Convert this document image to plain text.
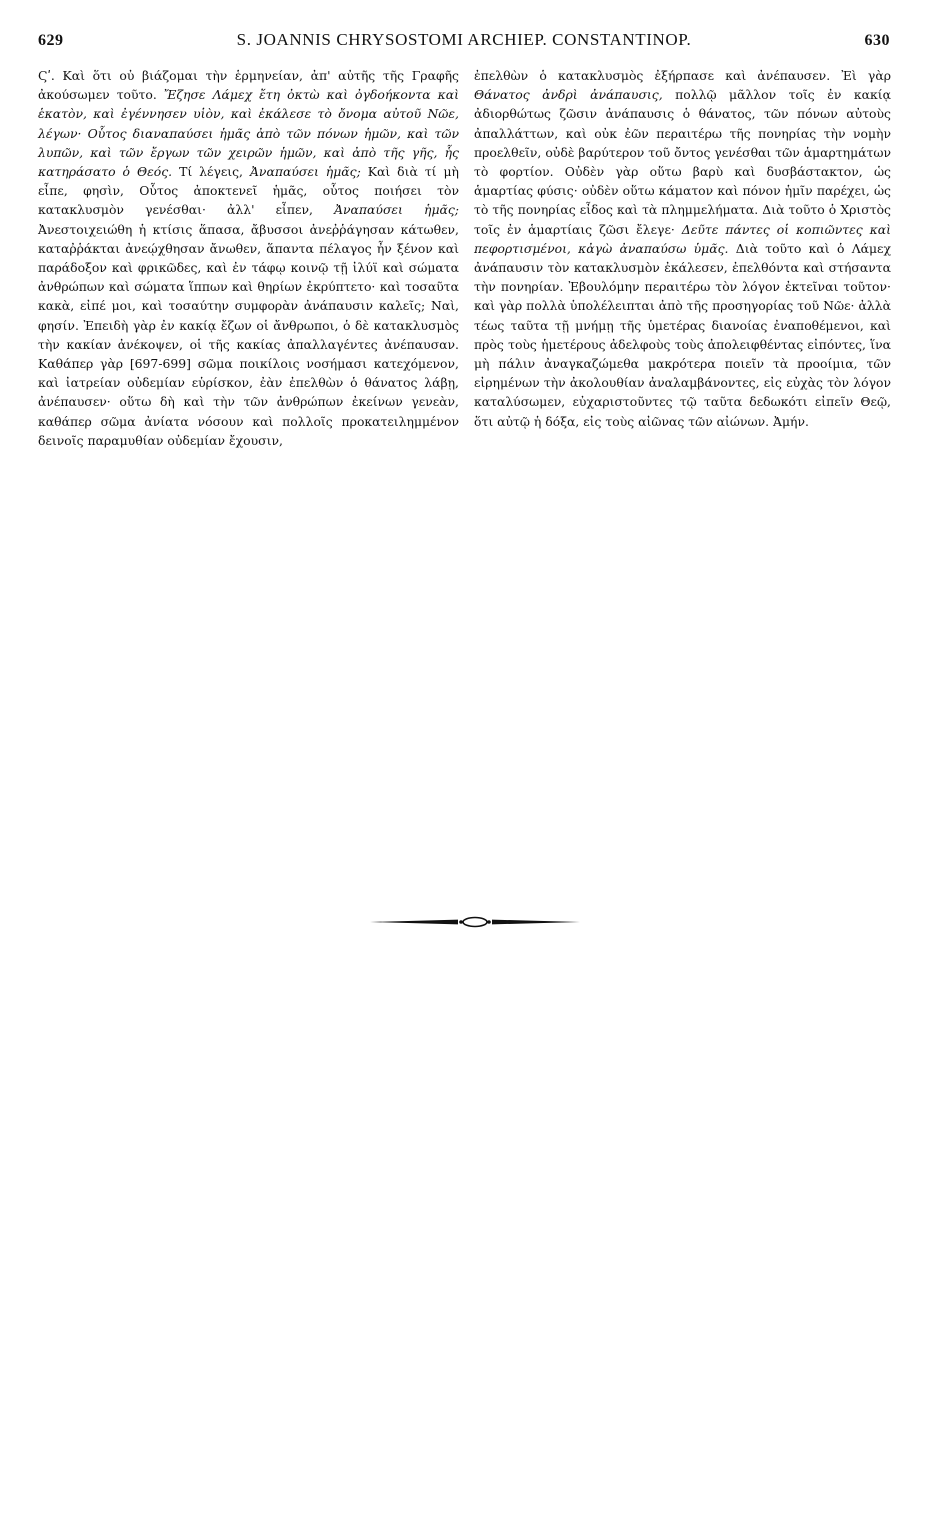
629	S. JOANNIS CHRYSOSTOMI ARCHIEP. CONSTANTINOP.	630

Ϛʹ. Καὶ ὅτι οὐ βιάζομαι τὴν ἑρμηνείαν, ἀπ' αὐτῆς τῆς Γραφῆς ἀκούσωμεν τοῦτο. Ἔζησε Λάμεχ ἔτη ὀκτὼ καὶ ὀγδοήκοντα καὶ ἑκατὸν, καὶ ἐγέννησεν υἱὸν, καὶ ἐκάλεσε τὸ ὄνομα αὐτοῦ Νῶε, λέγων· Οὗτος διαναπαύσει ἡμᾶς ἀπὸ τῶν πόνων ἡμῶν, καὶ τῶν λυπῶν, καὶ τῶν ἔργων τῶν χειρῶν ἡμῶν, καὶ ἀπὸ τῆς γῆς, ἧς κατηράσατο ὁ Θεός. Τί λέγεις, Ἀναπαύσει ἡμᾶς; Καὶ διὰ τί μὴ εἶπε, φησὶν, Οὗτος ἀποκτενεῖ ἡμᾶς, οὗτος ποιήσει τὸν κατακλυσμὸν γενέσθαι· ἀλλ' εἶπεν, Ἀναπαύσει ἡμᾶς; Ἀνεστοιχειώθη ἡ κτίσις ἅπασα, ἄβυσσοι ἀνεῤῥάγησαν κάτωθεν, καταῤῥάκται ἀνεῴχθησαν ἄνωθεν, ἅπαντα πέλαγος ἦν ξένον καὶ παράδοξον καὶ φρικῶδες, καὶ ἐν τάφῳ κοινῷ τῇ ἰλύϊ καὶ σώματα ἀνθρώπων καὶ σώματα ἵππων καὶ θηρίων ἐκρύπτετο· καὶ τοσαῦτα κακὰ, εἰπέ μοι, καὶ τοσαύτην συμφορὰν ἀνάπαυσιν καλεῖς; Ναὶ, φησίν. Ἐπειδὴ γὰρ ἐν κακίᾳ ἔζων οἱ ἄνθρωποι, ὁ δὲ κατακλυσμὸς τὴν κακίαν ἀνέκοψεν, οἱ τῆς κακίας ἀπαλλαγέντες ἀνέπαυσαν. Καθάπερ γὰρ [697-699] σῶμα ποικίλοις νοσήμασι κατεχόμενον, καὶ ἰατρείαν οὐδεμίαν εὑρίσκον, ἐὰν ἐπελθὼν ὁ θάνατος λάβῃ, ἀνέπαυσεν· οὕτω δὴ καὶ τὴν τῶν ἀνθρώπων ἐκείνων γενεὰν, καθάπερ σῶμα ἀνίατα νόσουν καὶ πολλοῖς προκατειλημμένον δεινοῖς παραμυθίαν οὐδεμίαν ἔχουσιν,

ἐπελθὼν ὁ κατακλυσμὸς ἐξήρπασε καὶ ἀνέπαυσεν. Ἐὶ γὰρ Θάνατος ἀνδρὶ ἀνάπαυσις, πολλῷ μᾶλλον τοῖς ἐν κακίᾳ ἀδιορθώτως ζῶσιν ἀνάπαυσις ὁ θάνατος, τῶν πόνων αὐτοὺς ἀπαλλάττων, καὶ οὐκ ἐῶν περαιτέρω τῆς πονηρίας τὴν νομὴν προελθεῖν, οὐδὲ βαρύτερον τοῦ ὄντος γενέσθαι τῶν ἁμαρτημάτων τὸ φορτίον. Οὐδὲν γὰρ οὕτω βαρὺ καὶ δυσβάστακτον, ὡς ἁμαρτίας φύσις· οὐδὲν οὕτω κάματον καὶ πόνον ἡμῖν παρέχει, ὡς τὸ τῆς πονηρίας εἶδος καὶ τὰ πλημμελήματα. Διὰ τοῦτο ὁ Χριστὸς τοῖς ἐν ἁμαρτίαις ζῶσι ἔλεγε· Δεῦτε πάντες οἱ κοπιῶντες καὶ πεφορτισμένοι, κἀγὼ ἀναπαύσω ὑμᾶς. Διὰ τοῦτο καὶ ὁ Λάμεχ ἀνάπαυσιν τὸν κατακλυσμὸν ἐκάλεσεν, ἐπελθόντα καὶ στήσαντα τὴν πονηρίαν. Ἐβουλόμην περαιτέρω τὸν λόγον ἐκτεῖναι τοῦτον· καὶ γὰρ πολλὰ ὑπολέλειπται ἀπὸ τῆς προσηγορίας τοῦ Νῶε· ἀλλὰ τέως ταῦτα τῇ μνήμῃ τῆς ὑμετέρας διανοίας ἐναποθέμενοι, καὶ πρὸς τοὺς ἡμετέρους ἀδελφοὺς τοὺς ἀπολειφθέντας εἰπόντες, ἵνα μὴ πάλιν ἀναγκαζώμεθα μακρότερα ποιεῖν τὰ προοίμια, τῶν εἰρημένων τὴν ἀκολουθίαν ἀναλαμβάνοντες, εἰς εὐχὰς τὸν λόγον καταλύσωμεν, εὐχαριστοῦντες τῷ ταῦτα δεδωκότι εἰπεῖν Θεῷ, ὅτι αὐτῷ ἡ δόξα, εἰς τοὺς αἰῶνας τῶν αἰώνων. Ἀμήν.
